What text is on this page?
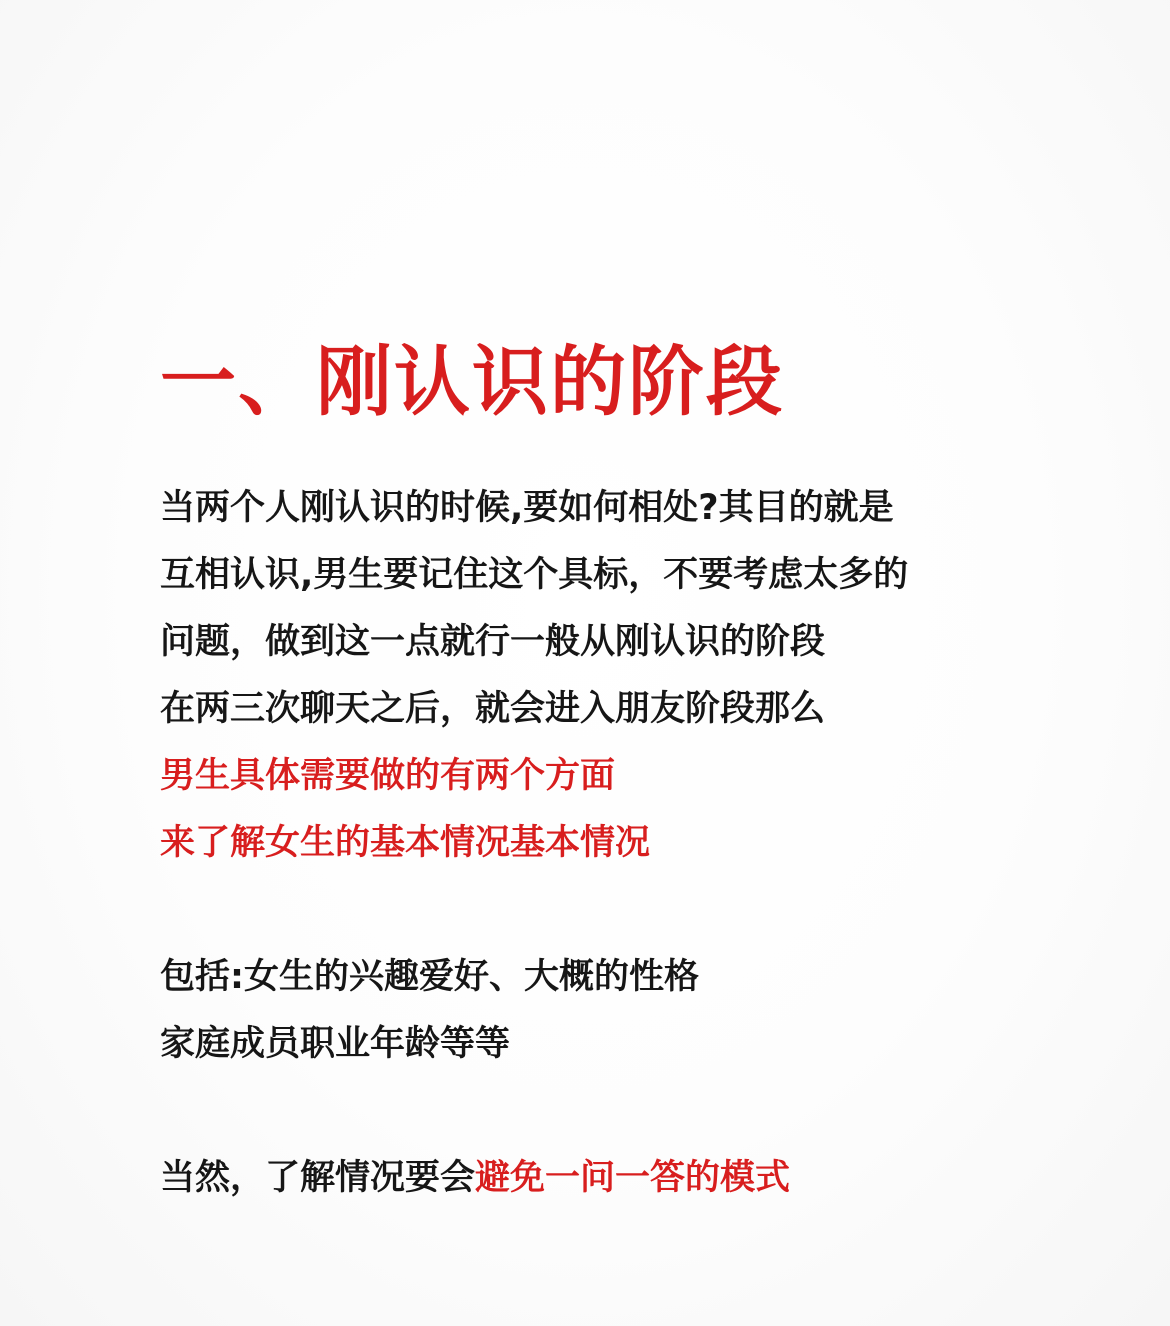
一、刚认识的阶段

当两个人刚认识的时候,要如何相处?其目的就是

互相认识,男生要记住这个具标，不要考虑太多的

问题，做到这一点就行一般从刚认识的阶段

在两三次聊天之后，就会进入朋友阶段那么

男生具体需要做的有两个方面

来了解女生的基本情况基本情况

包括:女生的兴趣爱好、大概的性格

家庭成员职业年龄等等

当然，了解情况要会避免一问一答的模式
